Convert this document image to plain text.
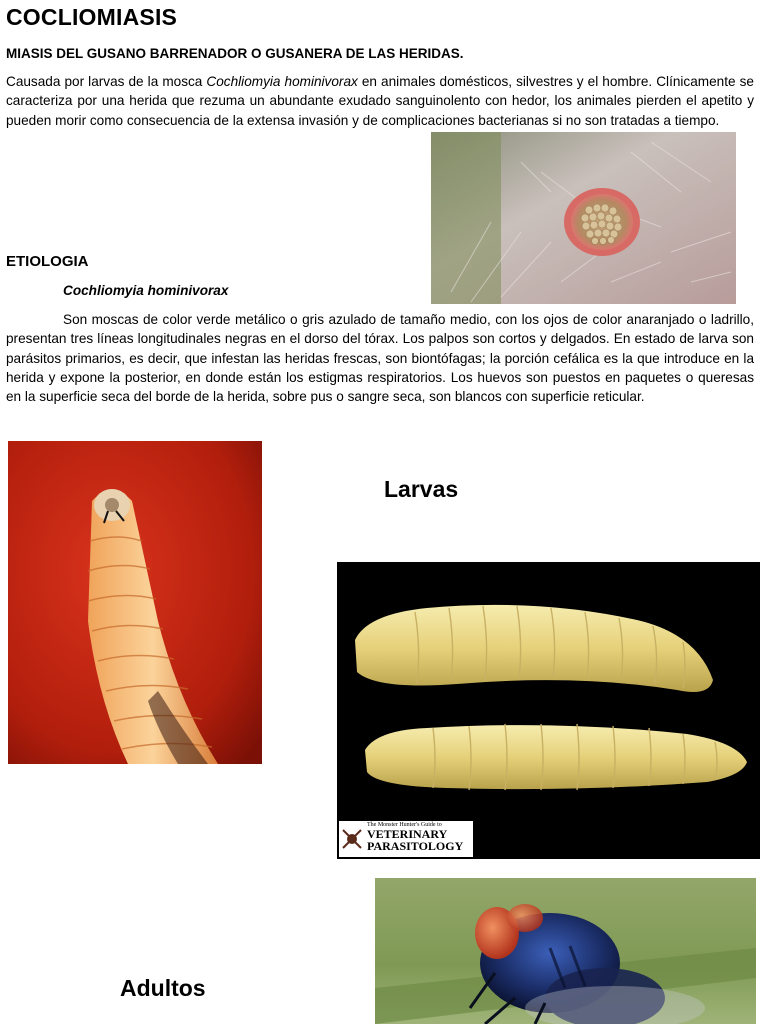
COCLIOMIASIS
MIASIS DEL GUSANO BARRENADOR O GUSANERA DE LAS HERIDAS.
Causada por larvas de la mosca Cochliomyia hominivorax en animales domésticos, silvestres y el hombre. Clínicamente se caracteriza por una herida que rezuma un abundante exudado sanguinolento con hedor, los animales pierden el apetito y pueden morir como consecuencia de la extensa invasión y de complicaciones bacterianas si no son tratadas a tiempo.
ETIOLOGIA
Cochliomyia hominivorax
Son moscas de color verde metálico o gris azulado de tamaño medio, con los ojos de color anaranjado o ladrillo, presentan tres líneas longitudinales negras en el dorso del tórax. Los palpos son cortos y delgados. En estado de larva son parásitos primarios, es decir, que infestan las heridas frescas, son biontófagas; la porción cefálica es la que introduce en la herida y expone la posterior, en donde están los estigmas respiratorios. Los huevos son puestos en paquetes o queresas en la superficie seca del borde de la herida, sobre pus o sangre seca, son blancos con superficie reticular.
Larvas
The Monster Hunter's Guide to
VETERINARY
PARASITOLOGY
Adultos
